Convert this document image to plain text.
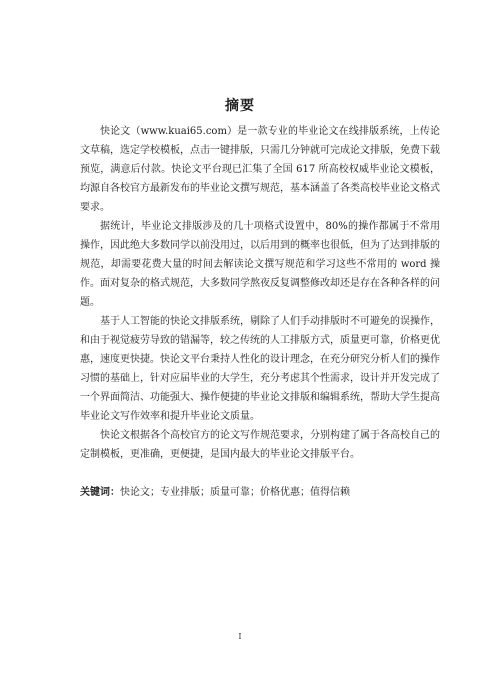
摘要

快论文（www.kuai65.com）是一款专业的毕业论文在线排版系统，上传论文草稿，选定学校模板，点击一键排版，只需几分钟就可完成论文排版，免费下载预览，满意后付款。快论文平台现已汇集了全国 617 所高校权威毕业论文模板，均源自各校官方最新发布的毕业论文撰写规范，基本涵盖了各类高校毕业论文格式要求。

据统计，毕业论文排版涉及的几十项格式设置中，80%的操作都属于不常用操作，因此绝大多数同学以前没用过，以后用到的概率也很低，但为了达到排版的规范，却需要花费大量的时间去解读论文撰写规范和学习这些不常用的 word 操作。面对复杂的格式规范，大多数同学熬夜反复调整修改却还是存在各种各样的问题。

基于人工智能的快论文排版系统，剔除了人们手动排版时不可避免的误操作，和由于视觉疲劳导致的错漏等，较之传统的人工排版方式，质量更可靠，价格更优惠，速度更快捷。快论文平台秉持人性化的设计理念，在充分研究分析人们的操作习惯的基础上，针对应届毕业的大学生，充分考虑其个性需求，设计并开发完成了一个界面简洁、功能强大、操作便捷的毕业论文排版和编辑系统，帮助大学生提高毕业论文写作效率和提升毕业论文质量。

快论文根据各个高校官方的论文写作规范要求，分别构建了属于各高校自己的定制模板，更准确，更便捷，是国内最大的毕业论文排版平台。

关键词：快论文；专业排版；质量可靠；价格优惠；值得信赖

I
